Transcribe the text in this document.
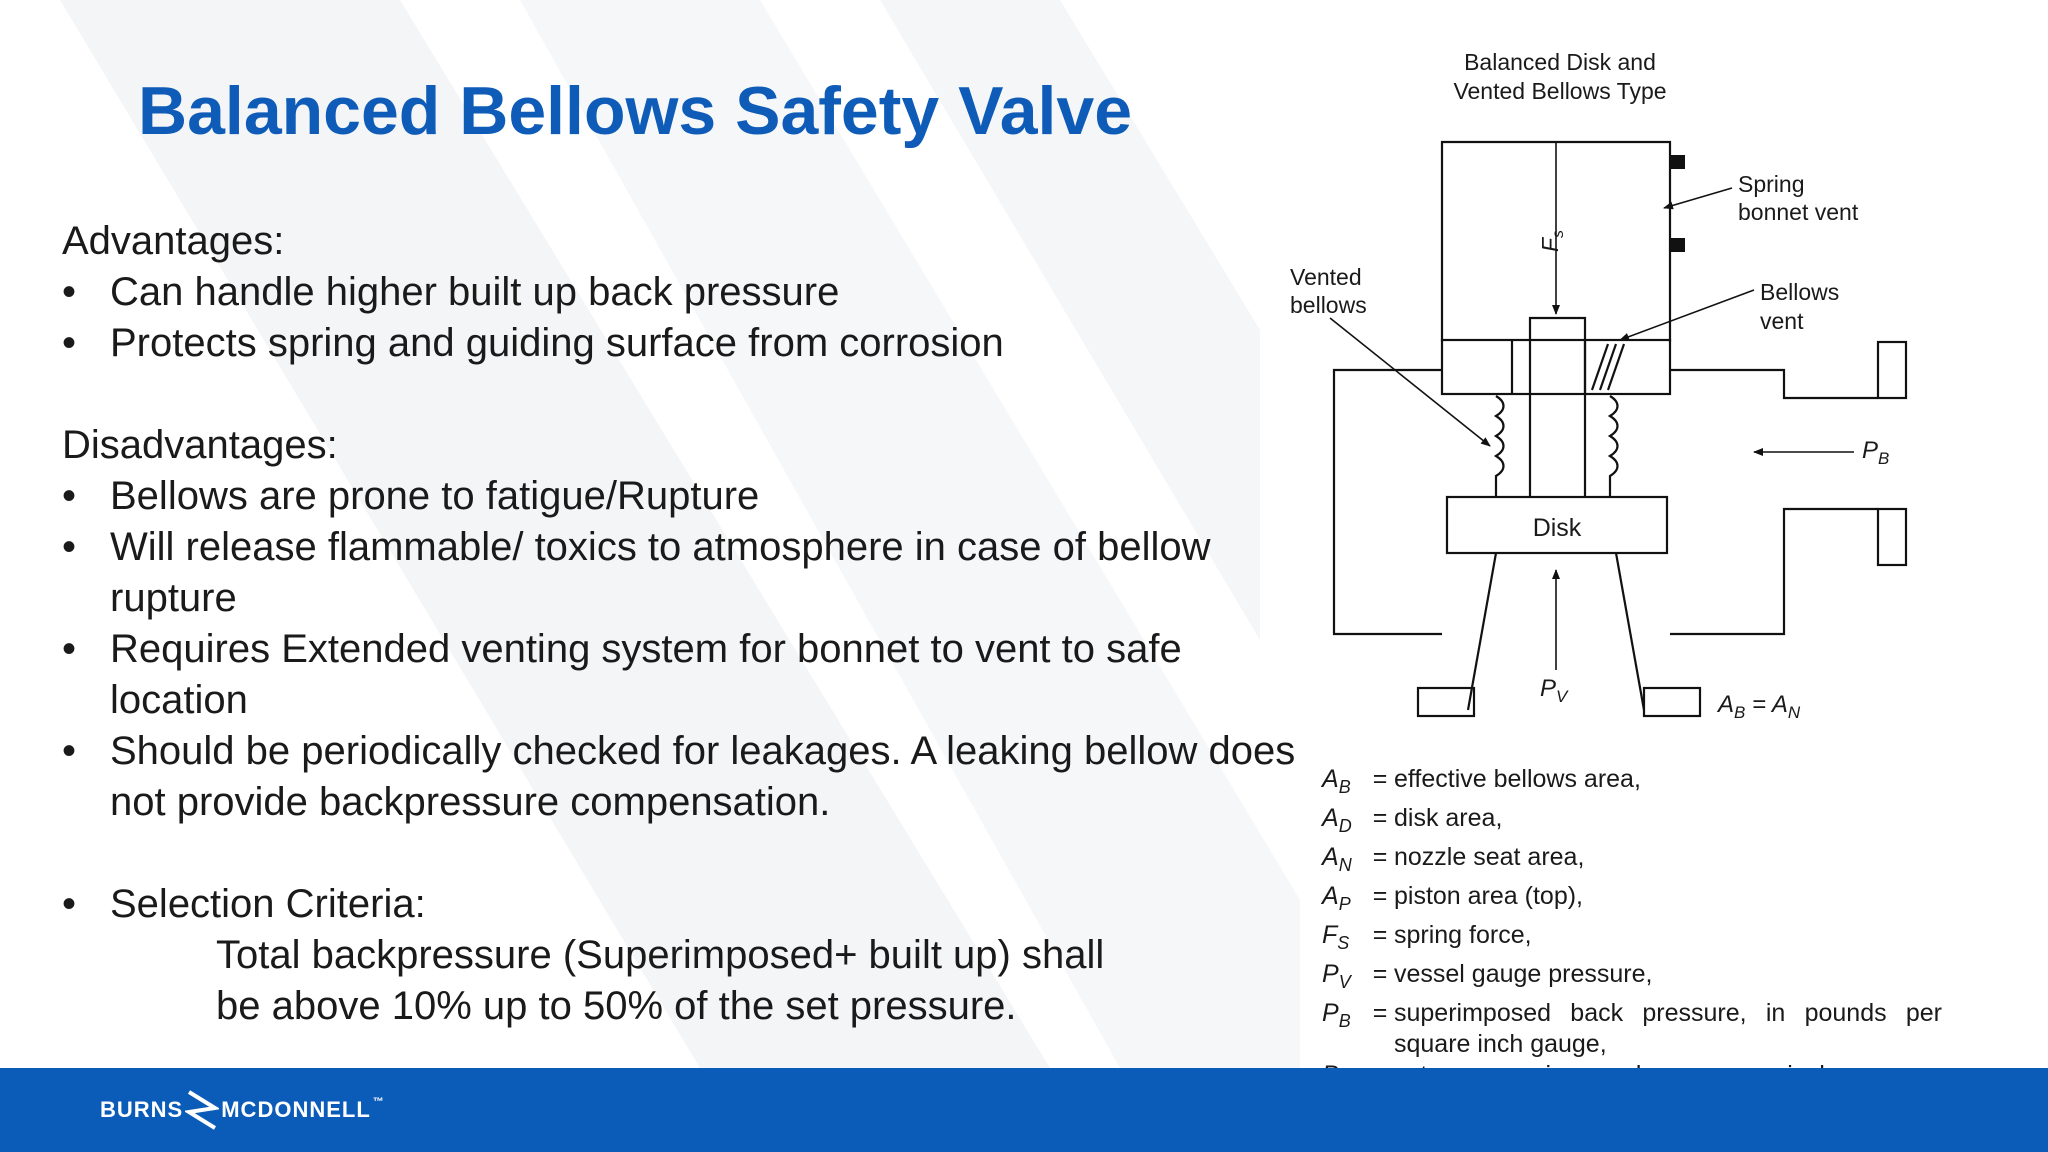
Balanced Bellows Safety Valve
Advantages:
• Can handle higher built up back pressure
• Protects spring and guiding surface from corrosion
Disadvantages:
• Bellows are prone to fatigue/Rupture
• Will release flammable/ toxics to atmosphere in case of bellow rupture
• Requires Extended venting system for bonnet to vent to safe location
• Should be periodically checked for leakages. A leaking bellow does not provide backpressure compensation.
• Selection Criteria:
Total backpressure (Superimposed+ built up) shall
be above 10% up to 50% of the set pressure.
Balanced Disk and
Vented Bellows Type
Spring
bonnet vent
Vented
bellows	Bellows
vent
$F_s$
$P_B$
Disk
$P_V$	$A_B = A_N$
$A_B$ = effective bellows area,
$A_D$ = disk area,
$A_N$ = nozzle seat area,
$A_P$ = piston area (top),
$F_S$ = spring force,
$P_V$ = vessel gauge pressure,
$P_B$ = superimposed back pressure, in pounds per square inch gauge,
BURNS MCDONNELL ™
